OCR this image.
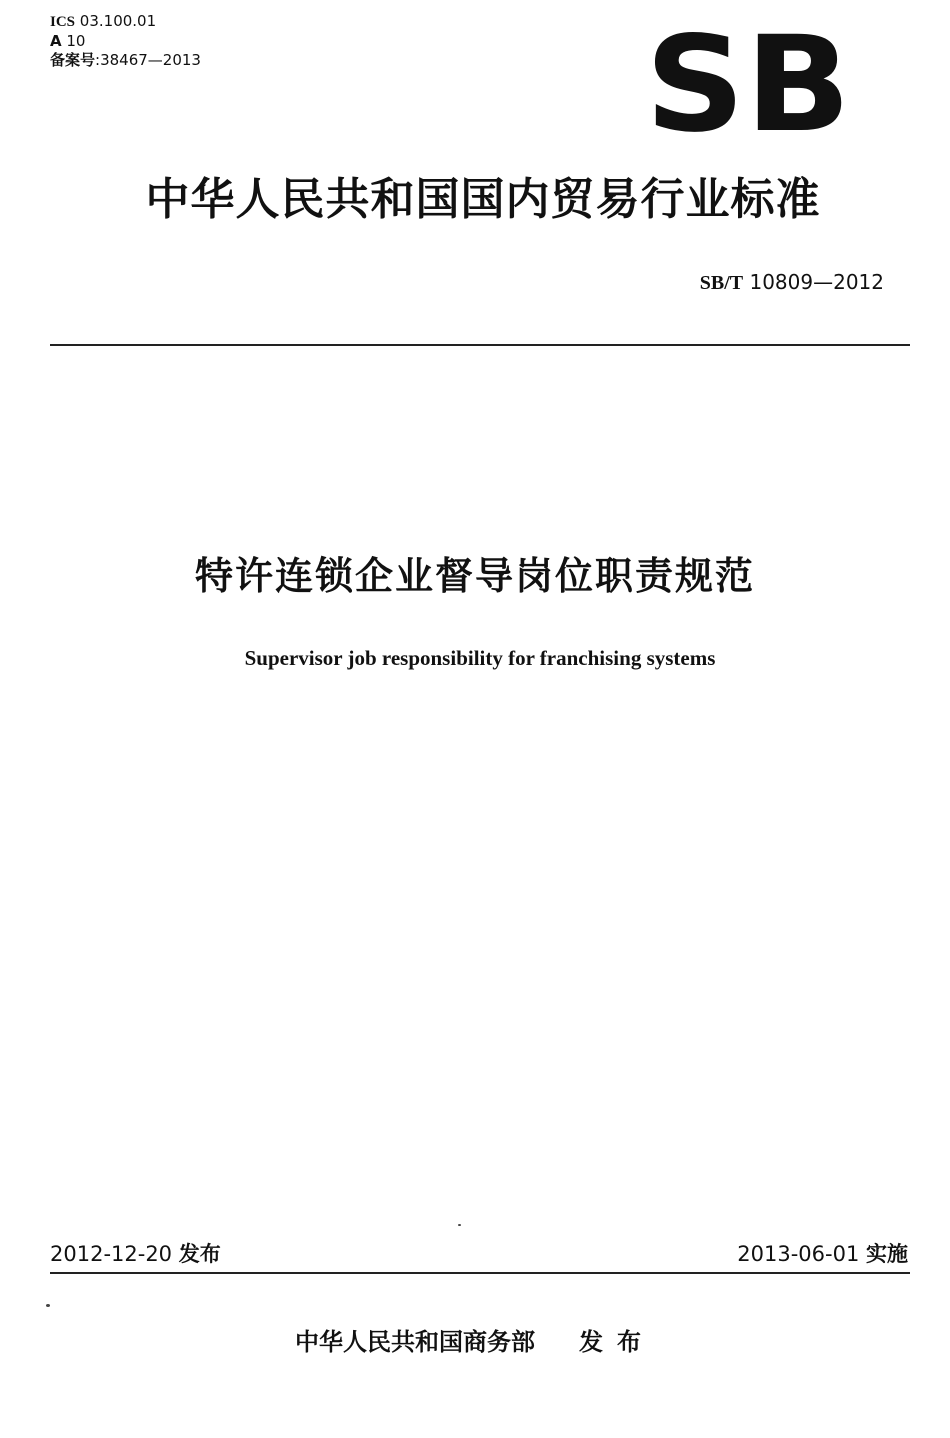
ICS 03.100.01
A 10
备案号:38467—2013	SB
中华人民共和国国内贸易行业标准
SB/T 10809—2012
特许连锁企业督导岗位职责规范
Supervisor job responsibility for franchising systems
2012-12-20 发布	2013-06-01 实施
中华人民共和国商务部 发布
